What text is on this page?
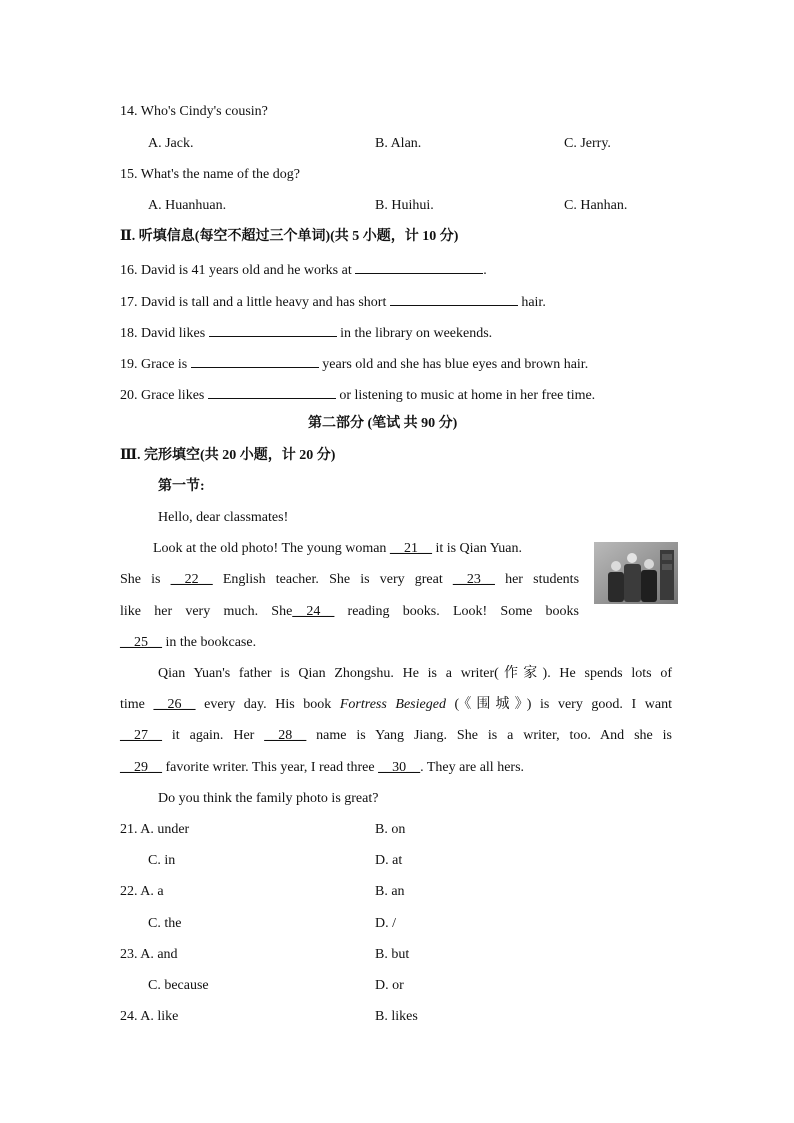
14. Who's Cindy's cousin?
A. Jack.	B. Alan.	C. Jerry.
15. What's the name of the dog?
A. Huanhuan.	B. Huihui.	C. Hanhan.
Ⅱ. 听填信息(每空不超过三个单词)(共 5 小题，计 10 分)
16. David is 41 years old and he works at	.
17. David is tall and a little heavy and has short	hair.
18. David likes	in the library on weekends.
19. Grace is	years old and she has blue eyes and brown hair.
20. Grace likes	or listening to music at home in her free time.
第二部分 (笔试 共 90 分)
Ⅲ. 完形填空(共 20 小题，计 20 分)
第一节:
Hello, dear classmates!
Look at the old photo! The young woman __21__ it is Qian Yuan.
She is __22__ English teacher. She is very great __23__ her students
like her very much. She__24__ reading books. Look! Some books
__25__ in the bookcase.
Qian Yuan's father is Qian Zhongshu. He is a writer(作家). He spends lots of
time __26__ every day. His book Fortress Besieged (《围城》) is very good. I want
__27__ it again. Her __28__ name is Yang Jiang. She is a writer, too. And she is
__29__ favorite writer. This year, I read three __30__. They are all hers.
Do you think the family photo is great?
21. A. under	B. on
C. in	D. at
22. A. a	B. an
C. the	D. /
23. A. and	B. but
C. because	D. or
24. A. like	B. likes
